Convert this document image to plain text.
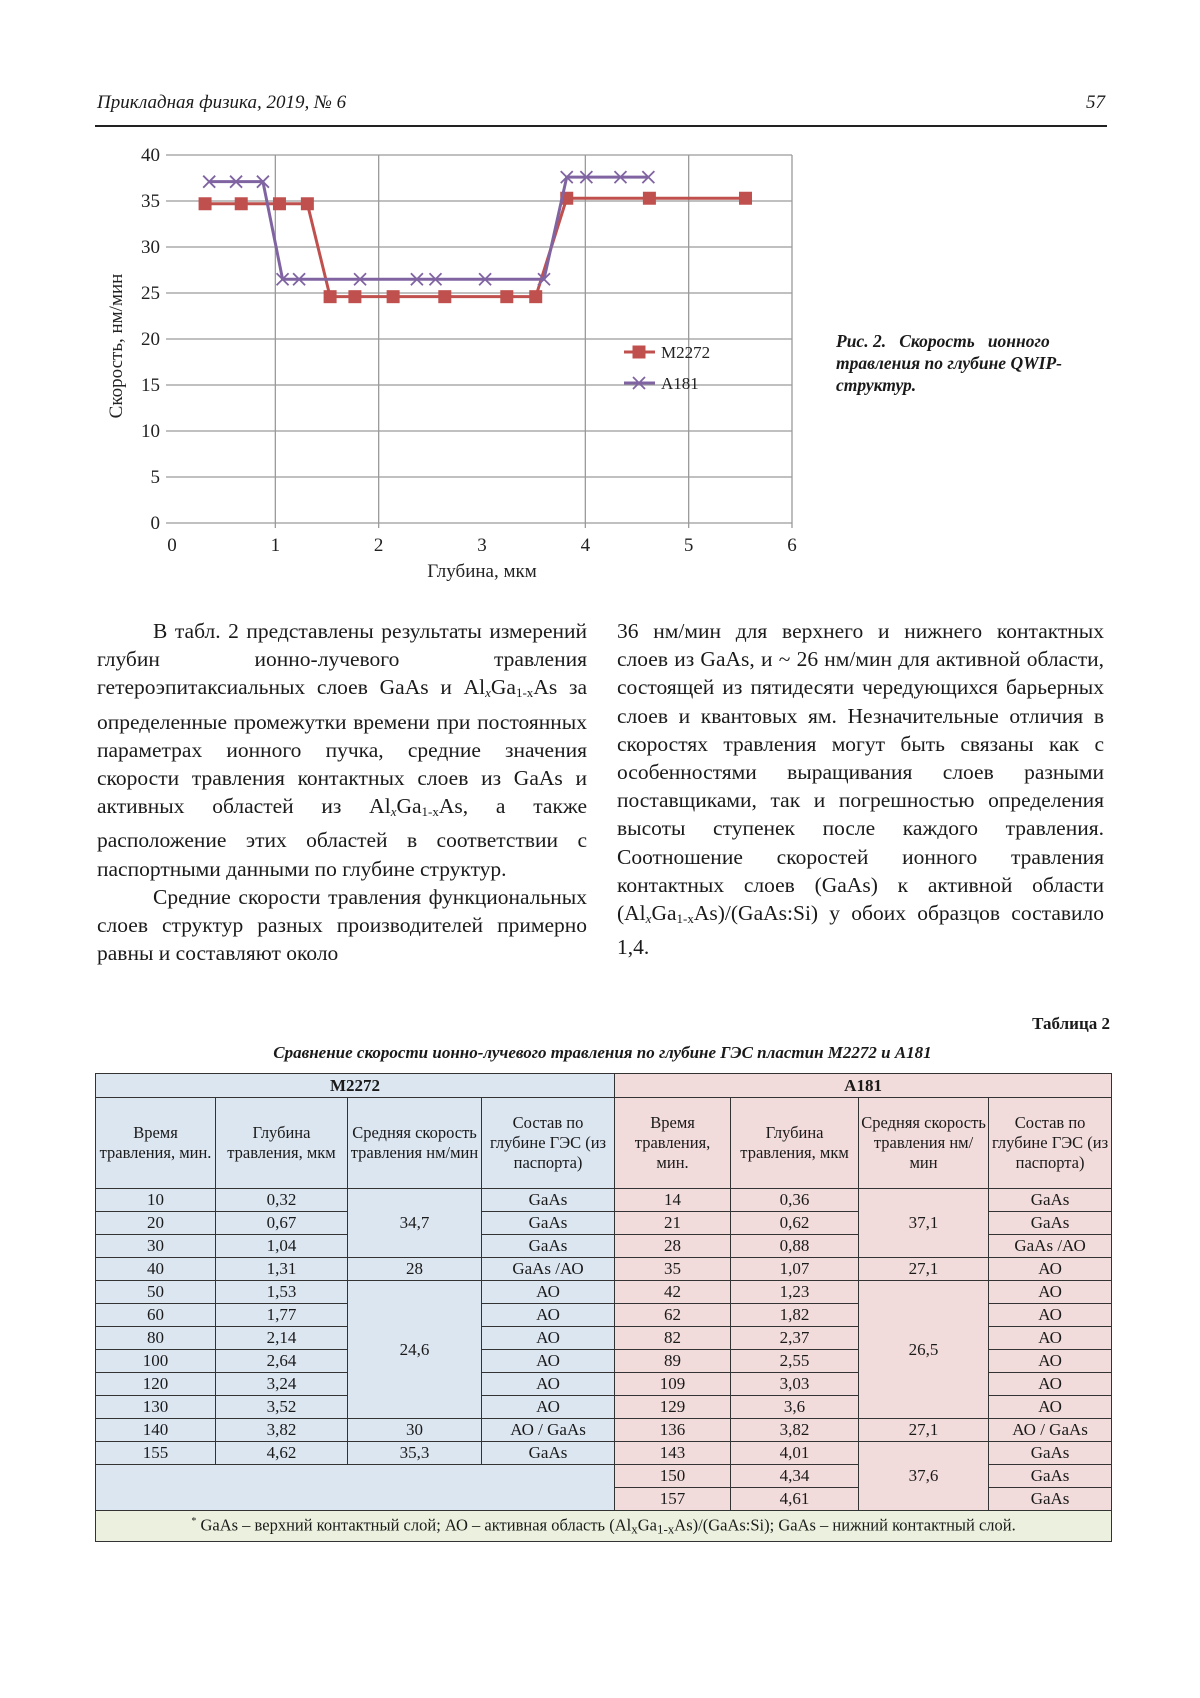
Прикладная физика, 2019, № 6	57
0
5
10
15
20
25
30
35
40
0	1	2	3	4	5	6
Глубина, мкм
Скорость, нм/мин	M2272
A181
Рис. 2.   Скорость   ионного
травления по глубине QWIP-
структур.

В табл. 2 представлены результаты измерений глубин ионно-лучевого травления гетероэпитаксиальных слоев GaAs и $Al_xGa_{1-x}As$ за определенные промежутки времени при постоянных параметрах ионного пучка, средние значения скорости травления контактных слоев из GaAs и активных областей из $Al_xGa_{1-x}As$, а также расположение этих областей в соответствии с паспортными данными по глубине структур.

Средние скорости травления функциональных слоев структур разных производителей примерно равны и составляют около

36 нм/мин для верхнего и нижнего контактных слоев из GaAs, и ~ 26 нм/мин для активной области, состоящей из пятидесяти чередующихся барьерных слоев и квантовых ям. Незначительные отличия в скоростях травления могут быть связаны как с особенностями выращивания слоев разными поставщиками, так и погрешностью определения высоты ступенек после каждого травления. Соотношение скоростей ионного травления контактных слоев (GaAs) к активной области $(Al_xGa_{1-x}As)/(GaAs:Si)$ у обоих образцов составило 1,4.

Таблица 2
Сравнение скорости ионно-лучевого травления по глубине ГЭС пластин М2272 и А181
М2272				А181			
Время травления, мин.	Глубина травления, мкм	Средняя скорость травления нм/мин	Состав по глубине ГЭС (из паспорта)	Время травления, мин.	Глубина травления, мкм	Средняя скорость травления нм/мин	Состав по глубине ГЭС (из паспорта)
10	0,32	34,7	GaAs	14	0,36	37,1	GaAs
20	0,67		GaAs	21	0,62		GaAs
30	1,04		GaAs	28	0,88		GaAs /АО
40	1,31	28	GaAs /АО	35	1,07	27,1	АО
50	1,53	24,6	АО	42	1,23	26,5	АО
60	1,77		АО	62	1,82		АО
80	2,14		АО	82	2,37		АО
100	2,64		АО	89	2,55		АО
120	3,24		АО	109	3,03		АО
130	3,52		АО	129	3,6		АО
140	3,82	30	АО / GaAs	136	3,82	27,1	АО / GaAs
155	4,62	35,3	GaAs	143	4,01	37,6	GaAs
				150	4,34		GaAs
				157	4,61		GaAs
* GaAs – верхний контактный слой; АО – активная область $(Al_xGa_{1-x}As)/(GaAs:Si)$; GaAs – нижний контактный слой.							
